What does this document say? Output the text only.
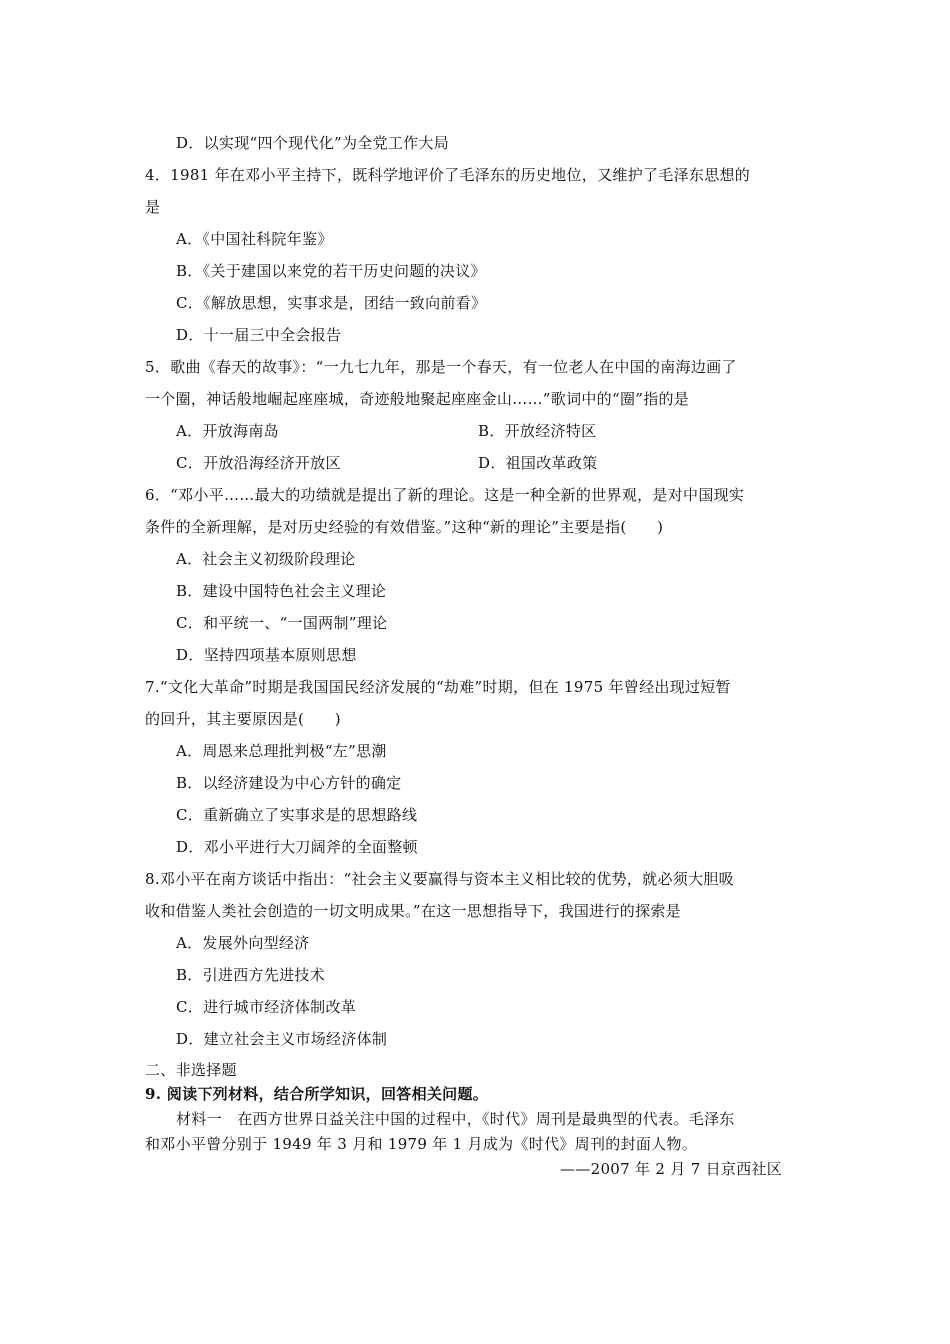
D．以实现“四个现代化”为全党工作大局
4．1981 年在邓小平主持下，既科学地评价了毛泽东的历史地位，又维护了毛泽东思想的
是
A．《中国社科院年鉴》
B．《关于建国以来党的若干历史问题的决议》
C．《解放思想，实事求是，团结一致向前看》
D．十一届三中全会报告
5．歌曲《春天的故事》：“一九七九年，那是一个春天，有一位老人在中国的南海边画了
一个圈，神话般地崛起座座城，奇迹般地聚起座座金山……”歌词中的“圈”指的是
A．开放海南岛	B．开放经济特区
C．开放沿海经济开放区	D．祖国改革政策
6．“邓小平……最大的功绩就是提出了新的理论。这是一种全新的世界观，是对中国现实
条件的全新理解，是对历史经验的有效借鉴。”这种“新的理论”主要是指(　　)
A．社会主义初级阶段理论
B．建设中国特色社会主义理论
C．和平统一、“一国两制”理论
D．坚持四项基本原则思想
7.“文化大革命”时期是我国国民经济发展的“劫难”时期，但在 1975 年曾经出现过短暂
的回升，其主要原因是(　　)
A．周恩来总理批判极“左”思潮
B．以经济建设为中心方针的确定
C．重新确立了实事求是的思想路线
D．邓小平进行大刀阔斧的全面整顿
8.邓小平在南方谈话中指出：“社会主义要赢得与资本主义相比较的优势，就必须大胆吸
收和借鉴人类社会创造的一切文明成果。”在这一思想指导下，我国进行的探索是
A．发展外向型经济
B．引进西方先进技术
C．进行城市经济体制改革
D．建立社会主义市场经济体制
二、非选择题
9. 阅读下列材料，结合所学知识，回答相关问题。
材料一　在西方世界日益关注中国的过程中，《时代》周刊是最典型的代表。毛泽东
和邓小平曾分别于 1949 年 3 月和 1979 年 1 月成为《时代》周刊的封面人物。
——2007 年 2 月 7 日京西社区
